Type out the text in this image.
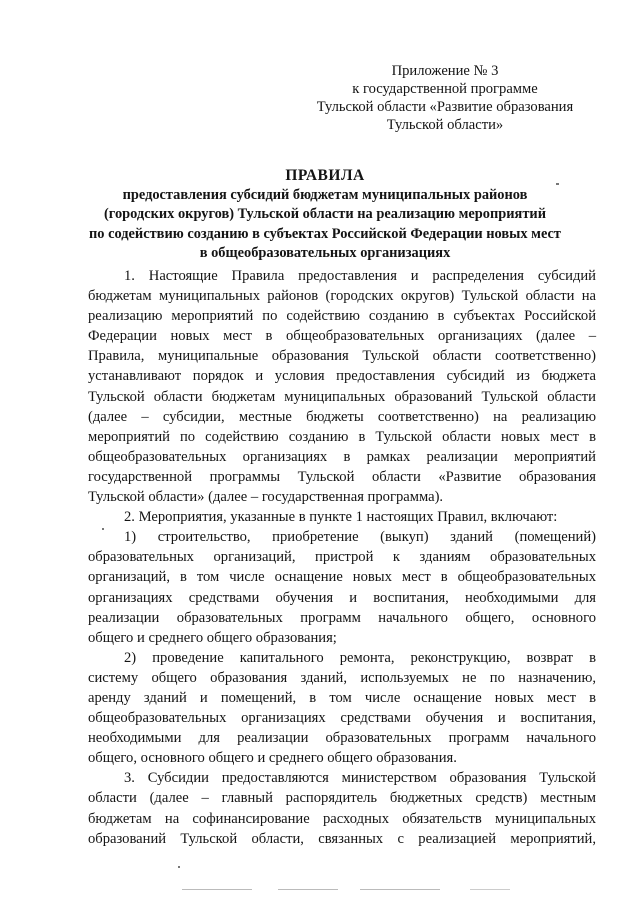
Приложение № 3
к государственной программе
Тульской области «Развитие образования
Тульской области»
ПРАВИЛА
предоставления субсидий бюджетам муниципальных районов
(городских округов) Тульской области на реализацию мероприятий
по содействию созданию в субъектах Российской Федерации новых мест
в общеобразовательных организациях
1. Настоящие Правила предоставления и распределения субсидий
бюджетам муниципальных районов (городских округов) Тульской области на
реализацию мероприятий по содействию созданию в субъектах Российской
Федерации новых мест в общеобразовательных организациях (далее –
Правила, муниципальные образования Тульской области соответственно)
устанавливают порядок и условия предоставления субсидий из бюджета
Тульской области бюджетам муниципальных образований Тульской области
(далее – субсидии, местные бюджеты соответственно) на реализацию
мероприятий по содействию созданию в Тульской области новых мест в
общеобразовательных организациях в рамках реализации мероприятий
государственной программы Тульской области «Развитие образования
Тульской области» (далее – государственная программа).
2. Мероприятия, указанные в пункте 1 настоящих Правил, включают:
1) строительство, приобретение (выкуп) зданий (помещений)
образовательных организаций, пристрой к зданиям образовательных
организаций, в том числе оснащение новых мест в общеобразовательных
организациях средствами обучения и воспитания, необходимыми для
реализации образовательных программ начального общего, основного
общего и среднего общего образования;
2) проведение капитального ремонта, реконструкцию, возврат в
систему общего образования зданий, используемых не по назначению,
аренду зданий и помещений, в том числе оснащение новых мест в
общеобразовательных организациях средствами обучения и воспитания,
необходимыми для реализации образовательных программ начального
общего, основного общего и среднего общего образования.
3. Субсидии предоставляются министерством образования Тульской
области (далее – главный распорядитель бюджетных средств) местным
бюджетам на софинансирование расходных обязательств муниципальных
образований Тульской области, связанных с реализацией мероприятий,
